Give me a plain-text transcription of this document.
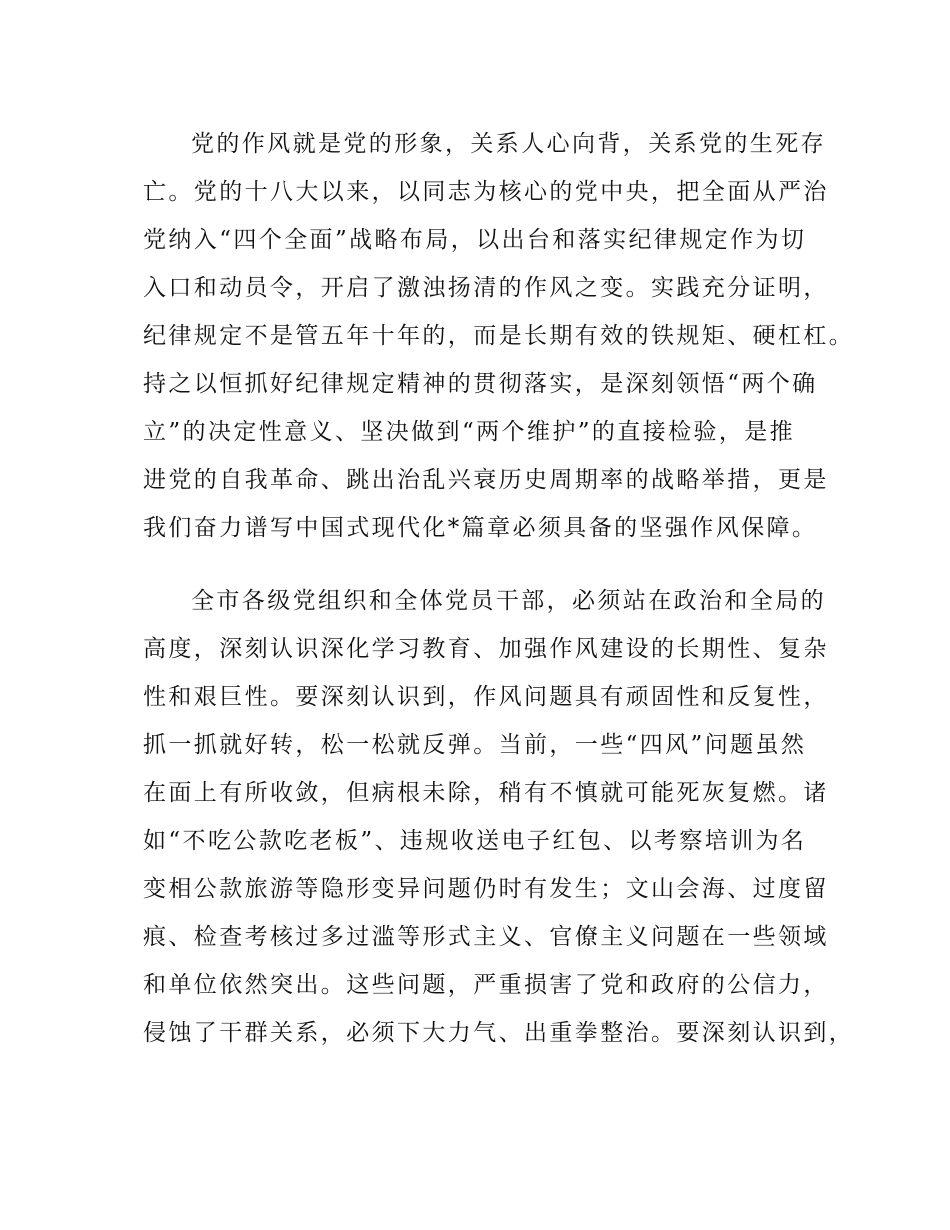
党的作风就是党的形象，关系人心向背，关系党的生死存
亡。党的十八大以来，以同志为核心的党中央，把全面从严治
党纳入“四个全面”战略布局，以出台和落实纪律规定作为切
入口和动员令，开启了激浊扬清的作风之变。实践充分证明，
纪律规定不是管五年十年的，而是长期有效的铁规矩、硬杠杠。
持之以恒抓好纪律规定精神的贯彻落实，是深刻领悟“两个确
立”的决定性意义、坚决做到“两个维护”的直接检验，是推
进党的自我革命、跳出治乱兴衰历史周期率的战略举措，更是
我们奋力谱写中国式现代化*篇章必须具备的坚强作风保障。
全市各级党组织和全体党员干部，必须站在政治和全局的
高度，深刻认识深化学习教育、加强作风建设的长期性、复杂
性和艰巨性。要深刻认识到，作风问题具有顽固性和反复性，
抓一抓就好转，松一松就反弹。当前，一些“四风”问题虽然
在面上有所收敛，但病根未除，稍有不慎就可能死灰复燃。诸
如“不吃公款吃老板”、违规收送电子红包、以考察培训为名
变相公款旅游等隐形变异问题仍时有发生；文山会海、过度留
痕、检查考核过多过滥等形式主义、官僚主义问题在一些领域
和单位依然突出。这些问题，严重损害了党和政府的公信力，
侵蚀了干群关系，必须下大力气、出重拳整治。要深刻认识到，
